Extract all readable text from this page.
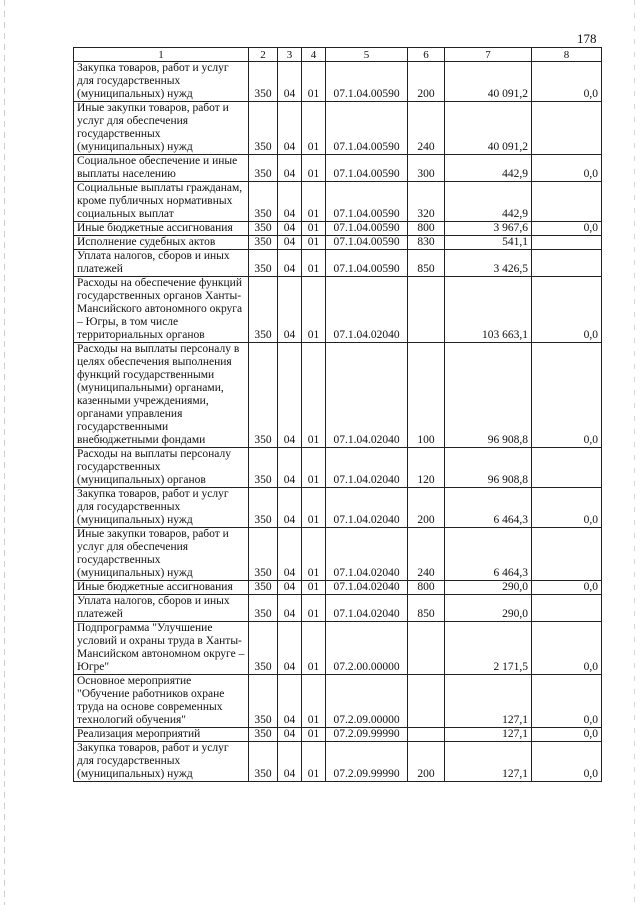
178
1	2	3	4	5	6	7	8
Закупка товаров, работ и услуг для государственных (муниципальных) нужд	350	04	01	07.1.04.00590	200	40 091,2	0,0
Иные закупки товаров, работ и услуг для обеспечения государственных (муниципальных) нужд	350	04	01	07.1.04.00590	240	40 091,2	
Социальное обеспечение и иные выплаты населению	350	04	01	07.1.04.00590	300	442,9	0,0
Социальные выплаты гражданам, кроме публичных нормативных социальных выплат	350	04	01	07.1.04.00590	320	442,9	
Иные бюджетные ассигнования	350	04	01	07.1.04.00590	800	3 967,6	0,0
Исполнение судебных актов	350	04	01	07.1.04.00590	830	541,1	
Уплата налогов, сборов и иных платежей	350	04	01	07.1.04.00590	850	3 426,5	
Расходы на обеспечение функций государственных органов Ханты-Мансийского автономного округа – Югры, в том числе территориальных органов	350	04	01	07.1.04.02040		103 663,1	0,0
Расходы на выплаты персоналу в целях обеспечения выполнения функций государственными (муниципальными) органами, казенными учреждениями, органами управления государственными внебюджетными фондами	350	04	01	07.1.04.02040	100	96 908,8	0,0
Расходы на выплаты персоналу государственных (муниципальных) органов	350	04	01	07.1.04.02040	120	96 908,8	
Закупка товаров, работ и услуг для государственных (муниципальных) нужд	350	04	01	07.1.04.02040	200	6 464,3	0,0
Иные закупки товаров, работ и услуг для обеспечения государственных (муниципальных) нужд	350	04	01	07.1.04.02040	240	6 464,3	
Иные бюджетные ассигнования	350	04	01	07.1.04.02040	800	290,0	0,0
Уплата налогов, сборов и иных платежей	350	04	01	07.1.04.02040	850	290,0	
Подпрограмма "Улучшение условий и охраны труда в Ханты-Мансийском автономном округе – Югре"	350	04	01	07.2.00.00000		2 171,5	0,0
Основное мероприятие "Обучение работников охране труда на основе современных технологий обучения"	350	04	01	07.2.09.00000		127,1	0,0
Реализация мероприятий	350	04	01	07.2.09.99990		127,1	0,0
Закупка товаров, работ и услуг для государственных (муниципальных) нужд	350	04	01	07.2.09.99990	200	127,1	0,0
